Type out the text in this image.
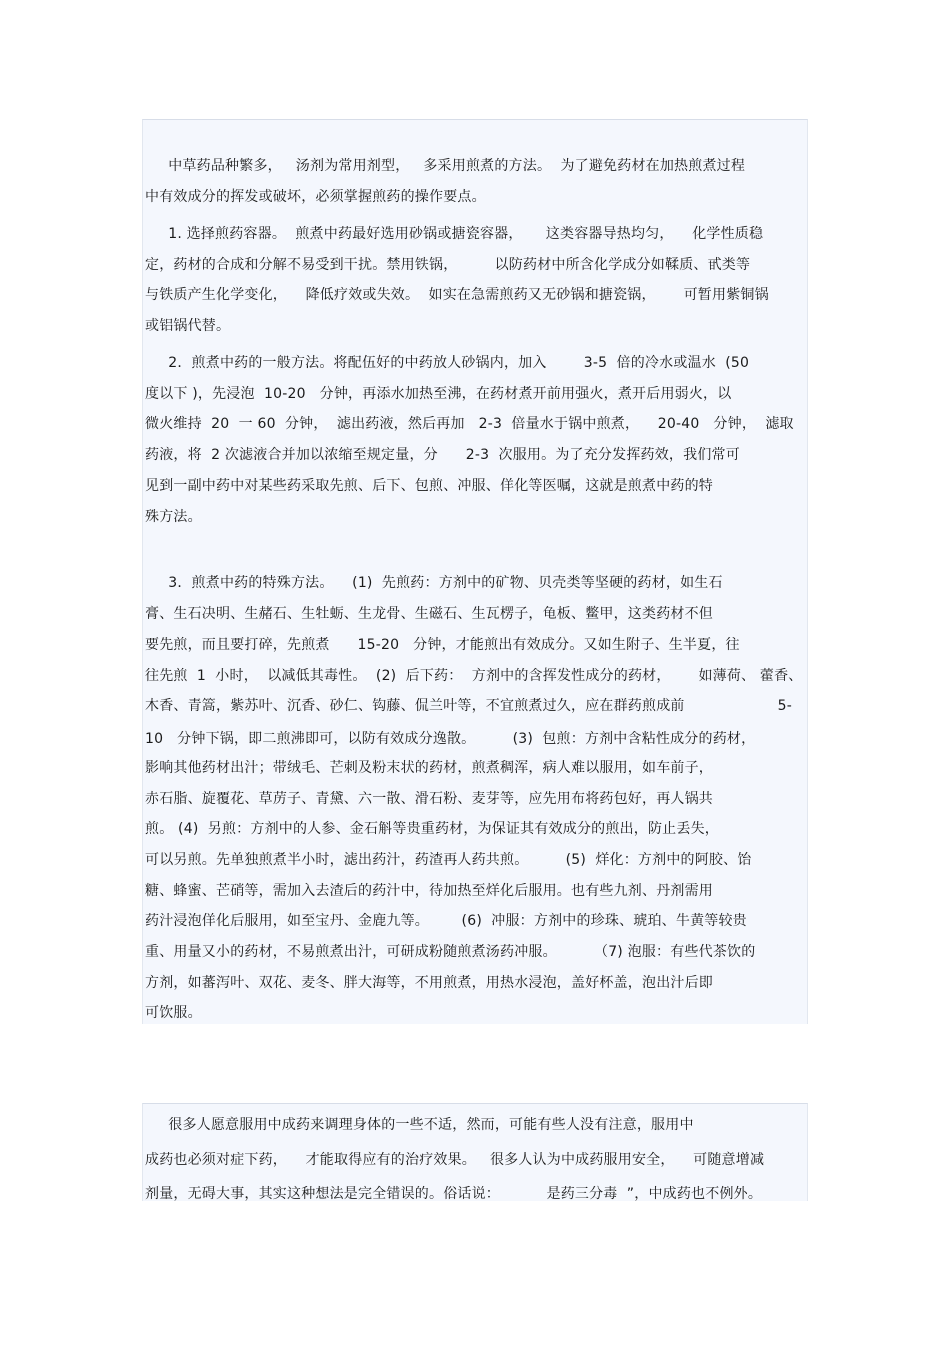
中草药品种繁多，   汤剂为常用剂型，   多采用煎煮的方法。  为了避免药材在加热煎煮过程
中有效成分的挥发或破坏，必须掌握煎药的操作要点。
1. 选择煎药容器。  煎煮中药最好选用砂锅或搪瓷容器，     这类容器导热均匀，    化学性质稳
定，药材的合成和分解不易受到干扰。禁用铁锅，        以防药材中所含化学成分如鞣质、甙类等
与铁质产生化学变化，    降低疗效或失效。  如实在急需煎药又无砂锅和搪瓷锅，      可暂用紫铜锅
或铝锅代替。
2．煎煮中药的一般方法。将配伍好的中药放人砂锅内，加入        3-5  倍的冷水或温水  (50
度以下 )，先浸泡  10-20   分钟，再添水加热至沸，在药材煮开前用强火，煮开后用弱火，以
微火维持  20  一 60  分钟，  滤出药液，然后再加   2-3  倍量水于锅中煎煮，    20-40   分钟，  滤取
药液，将  2 次滤液合并加以浓缩至规定量，分      2-3  次服用。为了充分发挥药效，我们常可
见到一副中药中对某些药采取先煎、后下、包煎、冲服、佯化等医嘱，这就是煎煮中药的特
殊方法。
3．煎煮中药的特殊方法。    (1)  先煎药：方剂中的矿物、贝壳类等坚硬的药材，如生石
膏、生石决明、生赭石、生牡蛎、生龙骨、生磁石、生瓦楞子，龟板、鳖甲，这类药材不但
要先煎，而且要打碎，先煎煮      15-20   分钟，才能煎出有效成分。又如生附子、生半夏，往
往先煎  1  小时，  以减低其毒性。  (2)  后下药：  方剂中的含挥发性成分的药材，      如薄荷、 藿香、
木香、青篙，紫苏叶、沉香、砂仁、钩藤、侃兰叶等，不宜煎煮过久，应在群药煎成前                    5-
10   分钟下锅，即二煎沸即可，以防有效成分逸散。        (3)  包煎：方剂中含粘性成分的药材，
影响其他药材出汁；带绒毛、芒刺及粉末状的药材，煎煮稠浑，病人难以服用，如车前子，
赤石脂、旋覆花、草苈子、青黛、六一散、滑石粉、麦芽等，应先用布将药包好，再人锅共
煎。 (4)  另煎：方剂中的人参、金石斛等贵重药材，为保证其有效成分的煎出，防止丢失，
可以另煎。先单独煎煮半小时，滤出药汁，药渣再人药共煎。        (5)  烊化：方剂中的阿胶、饴
糖、蜂蜜、芒硝等，需加入去渣后的药汁中，待加热至烊化后服用。也有些九剂、丹剂需用
药汁浸泡佯化后服用，如至宝丹、金鹿九等。       (6)  冲服：方剂中的珍珠、琥珀、牛黄等较贵
重、用量又小的药材，不易煎煮出汁，可研成粉随煎煮汤药冲服。        （7) 泡服：有些代茶饮的
方剂，如蕃泻叶、双花、麦冬、胖大海等，不用煎煮，用热水浸泡，盖好杯盖，泡出汁后即
可饮服。
很多人愿意服用中成药来调理身体的一些不适，然而，可能有些人没有注意，服用中
成药也必须对症下药，    才能取得应有的治疗效果。   很多人认为中成药服用安全，    可随意增减
剂量，无碍大事，其实这种想法是完全错误的。俗话说：          是药三分毒  ”，中成药也不例外。
